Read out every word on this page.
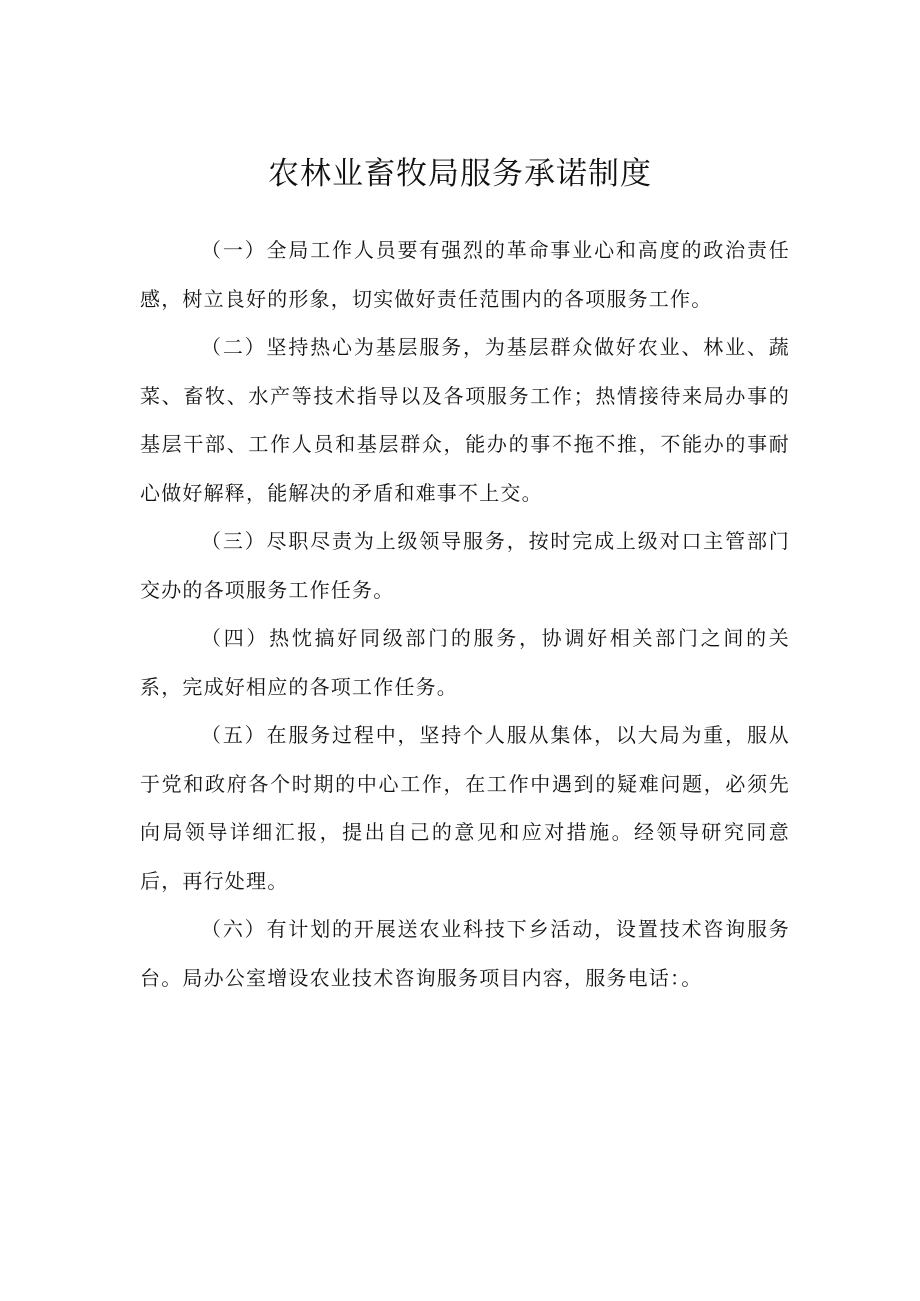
农林业畜牧局服务承诺制度

（一）全局工作人员要有强烈的革命事业心和高度的政治责任感，树立良好的形象，切实做好责任范围内的各项服务工作。

（二）坚持热心为基层服务，为基层群众做好农业、林业、蔬菜、畜牧、水产等技术指导以及各项服务工作；热情接待来局办事的基层干部、工作人员和基层群众，能办的事不拖不推，不能办的事耐心做好解释，能解决的矛盾和难事不上交。

（三）尽职尽责为上级领导服务，按时完成上级对口主管部门交办的各项服务工作任务。

（四）热忱搞好同级部门的服务，协调好相关部门之间的关系，完成好相应的各项工作任务。

（五）在服务过程中，坚持个人服从集体，以大局为重，服从于党和政府各个时期的中心工作，在工作中遇到的疑难问题，必须先向局领导详细汇报，提出自己的意见和应对措施。经领导研究同意后，再行处理。

（六）有计划的开展送农业科技下乡活动，设置技术咨询服务台。局办公室增设农业技术咨询服务项目内容，服务电话：。
